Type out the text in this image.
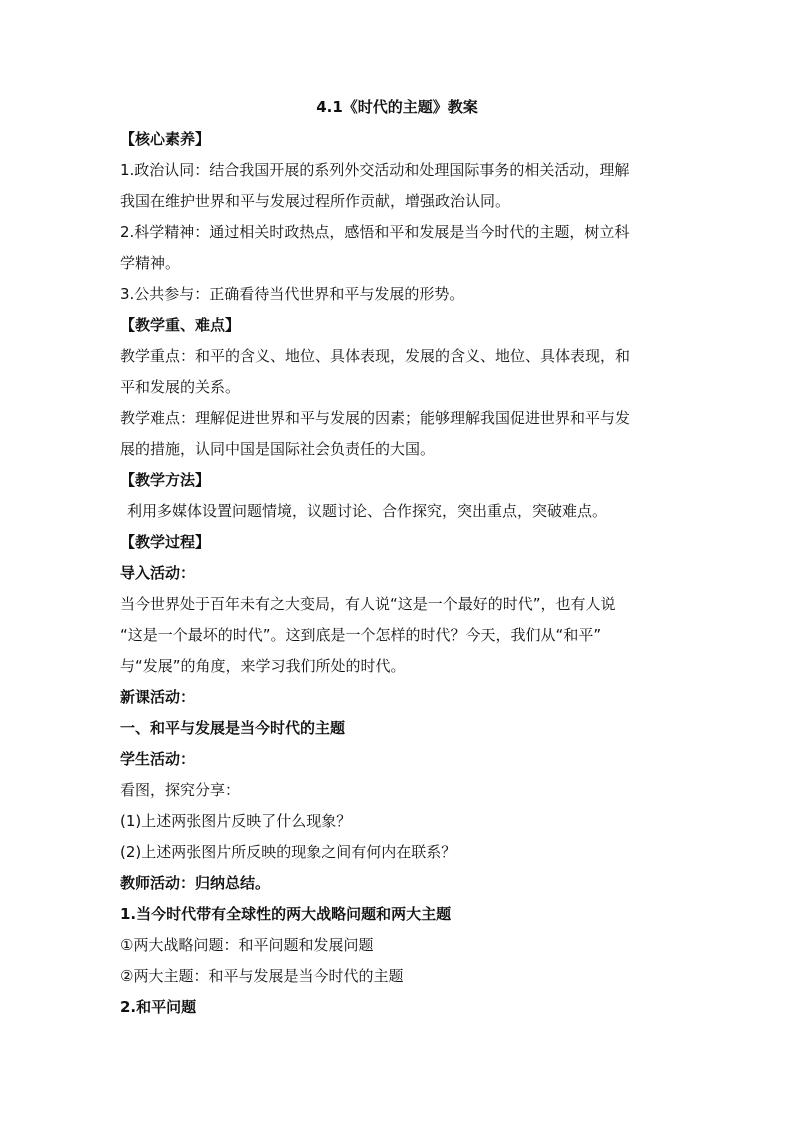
4.1《时代的主题》教案
【核心素养】
1.政治认同：结合我国开展的系列外交活动和处理国际事务的相关活动，理解
我国在维护世界和平与发展过程所作贡献，增强政治认同。
2.科学精神：通过相关时政热点，感悟和平和发展是当今时代的主题，树立科
学精神。
3.公共参与：正确看待当代世界和平与发展的形势。
【教学重、难点】
教学重点：和平的含义、地位、具体表现，发展的含义、地位、具体表现，和
平和发展的关系。
教学难点：理解促进世界和平与发展的因素；能够理解我国促进世界和平与发
展的措施，认同中国是国际社会负责任的大国。
【教学方法】
利用多媒体设置问题情境，议题讨论、合作探究，突出重点，突破难点。
【教学过程】
导入活动：
当今世界处于百年未有之大变局，有人说“这是一个最好的时代”，也有人说
“这是一个最坏的时代”。这到底是一个怎样的时代？今天，我们从“和平”
与“发展”的角度，来学习我们所处的时代。
新课活动：
一、和平与发展是当今时代的主题
学生活动：
看图，探究分享：
(1)上述两张图片反映了什么现象？
(2)上述两张图片所反映的现象之间有何内在联系？
教师活动：归纳总结。
1.当今时代带有全球性的两大战略问题和两大主题
①两大战略问题：和平问题和发展问题
②两大主题：和平与发展是当今时代的主题
2.和平问题
